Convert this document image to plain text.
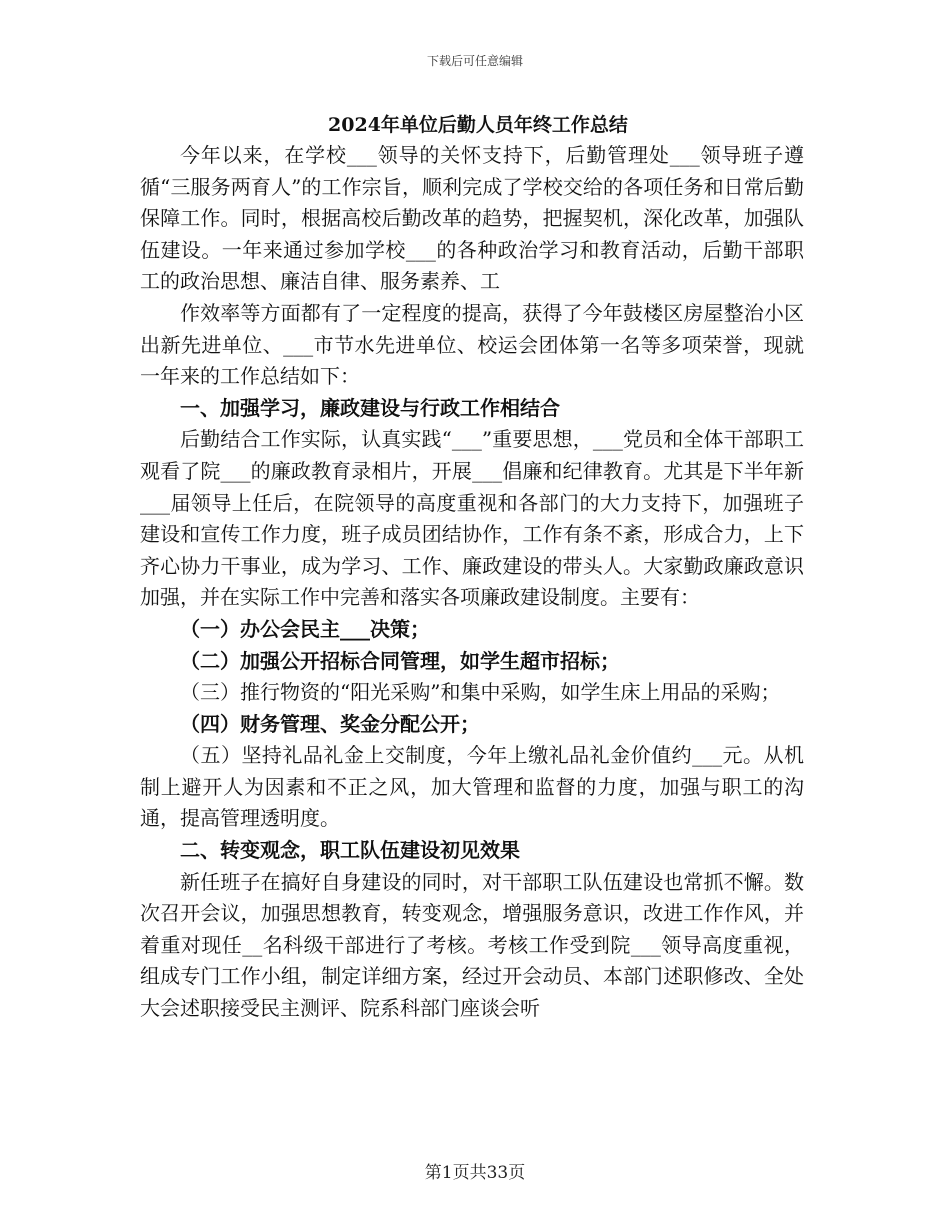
下载后可任意编辑
2024年单位后勤人员年终工作总结

今年以来，在学校___领导的关怀支持下，后勤管理处___领导班子遵循“三服务两育人”的工作宗旨，顺利完成了学校交给的各项任务和日常后勤保障工作。同时，根据高校后勤改革的趋势，把握契机，深化改革，加强队伍建设。一年来通过参加学校___的各种政治学习和教育活动，后勤干部职工的政治思想、廉洁自律、服务素养、工

作效率等方面都有了一定程度的提高，获得了今年鼓楼区房屋整治小区出新先进单位、___市节水先进单位、校运会团体第一名等多项荣誉，现就一年来的工作总结如下：

一、加强学习，廉政建设与行政工作相结合

后勤结合工作实际，认真实践“___”重要思想，___党员和全体干部职工观看了院___的廉政教育录相片，开展___倡廉和纪律教育。尤其是下半年新___届领导上任后，在院领导的高度重视和各部门的大力支持下，加强班子建设和宣传工作力度，班子成员团结协作，工作有条不紊，形成合力，上下齐心协力干事业，成为学习、工作、廉政建设的带头人。大家勤政廉政意识加强，并在实际工作中完善和落实各项廉政建设制度。主要有：

（一）办公会民主___决策；

（二）加强公开招标合同管理，如学生超市招标；

（三）推行物资的“阳光采购”和集中采购，如学生床上用品的采购；

（四）财务管理、奖金分配公开；

（五）坚持礼品礼金上交制度，今年上缴礼品礼金价值约___元。从机制上避开人为因素和不正之风，加大管理和监督的力度，加强与职工的沟通，提高管理透明度。

二、转变观念，职工队伍建设初见效果

新任班子在搞好自身建设的同时，对干部职工队伍建设也常抓不懈。数次召开会议，加强思想教育，转变观念，增强服务意识，改进工作作风，并着重对现任__名科级干部进行了考核。考核工作受到院___领导高度重视，组成专门工作小组，制定详细方案，经过开会动员、本部门述职修改、全处大会述职接受民主测评、院系科部门座谈会听

第1页共33页
